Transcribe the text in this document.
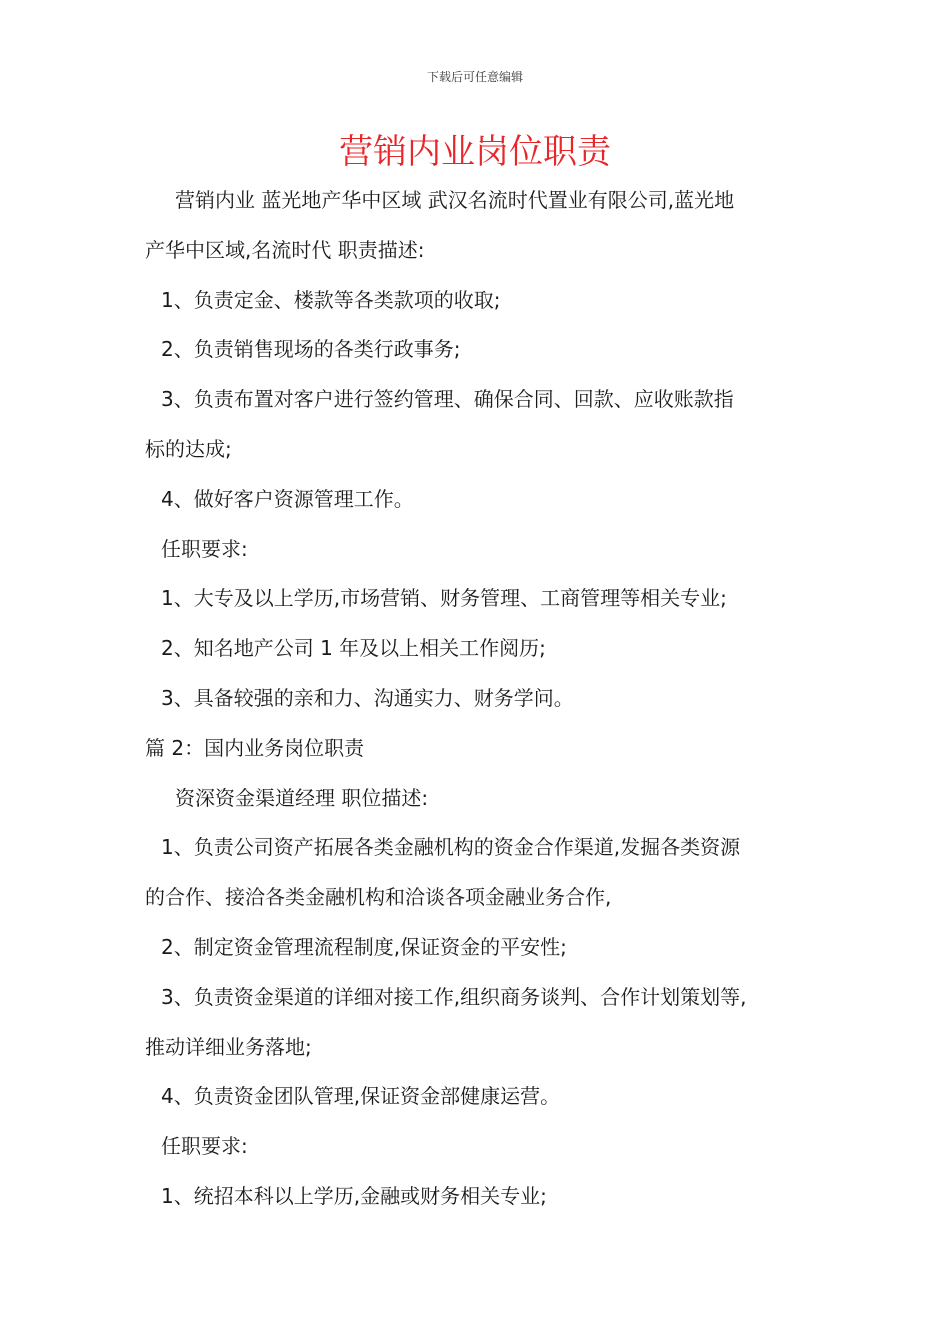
下载后可任意编辑
营销内业岗位职责

营销内业 蓝光地产华中区域 武汉名流时代置业有限公司,蓝光地

产华中区域,名流时代 职责描述:

1、负责定金、楼款等各类款项的收取;

2、负责销售现场的各类行政事务;

3、负责布置对客户进行签约管理、确保合同、回款、应收账款指

标的达成;

4、做好客户资源管理工作。

任职要求:

1、大专及以上学历,市场营销、财务管理、工商管理等相关专业;

2、知名地产公司 1 年及以上相关工作阅历;

3、具备较强的亲和力、沟通实力、财务学问。

篇 2：国内业务岗位职责

资深资金渠道经理 职位描述:

1、负责公司资产拓展各类金融机构的资金合作渠道,发掘各类资源

的合作、接洽各类金融机构和洽谈各项金融业务合作,

2、制定资金管理流程制度,保证资金的平安性;

3、负责资金渠道的详细对接工作,组织商务谈判、合作计划策划等,

推动详细业务落地;

4、负责资金团队管理,保证资金部健康运营。

任职要求:

1、统招本科以上学历,金融或财务相关专业;
